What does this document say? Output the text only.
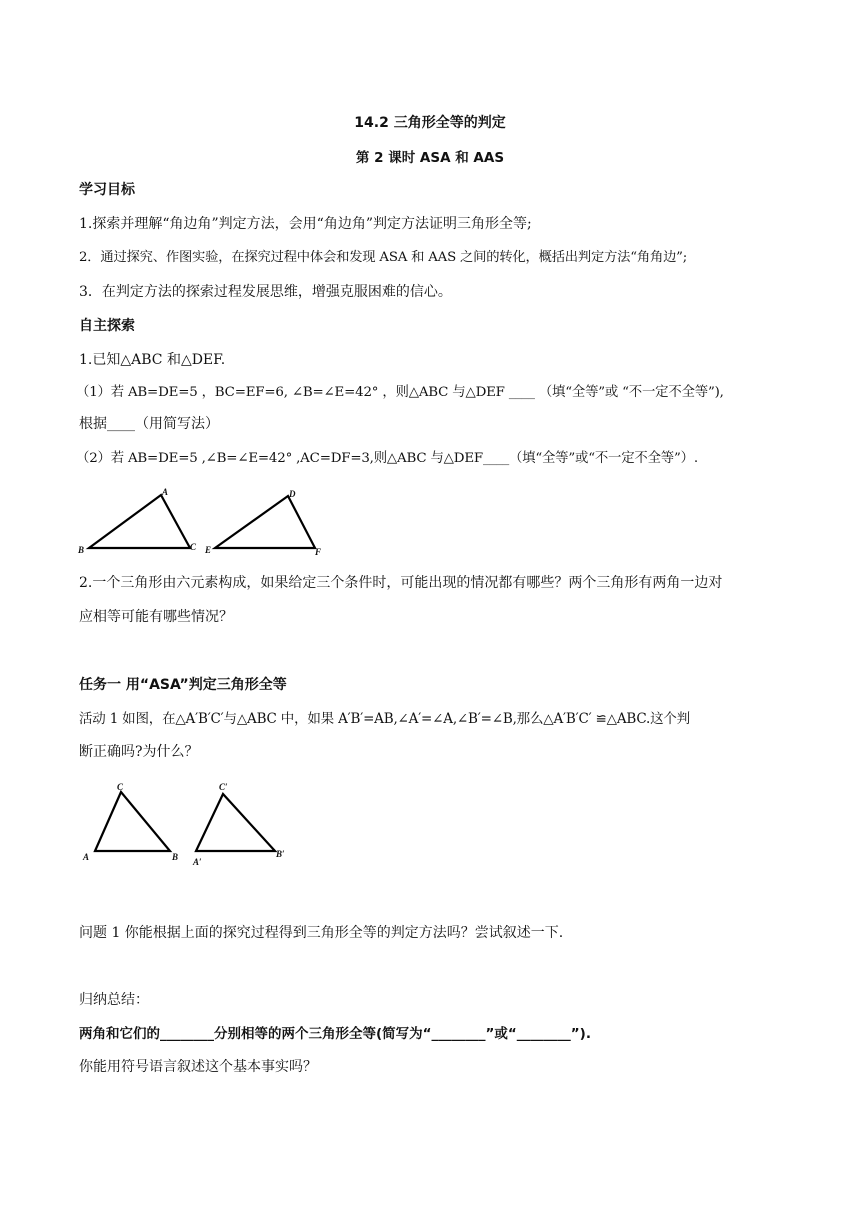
14.2 三角形全等的判定
第 2 课时 ASA 和 AAS
学习目标
1.探索并理解“角边角”判定方法，会用“角边角”判定方法证明三角形全等;
2．通过探究、作图实验，在探究过程中体会和发现 ASA 和 AAS 之间的转化，概括出判定方法“角角边”;
3．在判定方法的探索过程发展思维，增强克服困难的信心。
自主探索
1.已知△ABC 和△DEF.
（1）若 AB=DE=5 ，BC=EF=6, ∠B=∠E=42° ，则△ABC 与△DEF ____ （填“全等”或 “不一定不全等”),
根据____（用简写法）
（2）若 AB=DE=5 ,∠B=∠E=42° ,AC=DF=3,则△ABC 与△DEF____（填“全等”或“不一定不全等”）.
A
B	C
D
E	F
2.一个三角形由六元素构成，如果给定三个条件时，可能出现的情况都有哪些？两个三角形有两角一边对
应相等可能有哪些情况？
任务一 用“ASA”判定三角形全等
活动 1 如图，在△A′B′C′与△ABC 中，如果 A′B′=AB,∠A′=∠A,∠B′=∠B,那么△A′B′C′ ≌△ABC.这个判
断正确吗?为什么？
C
A	B
C′
A′
B′
问题 1 你能根据上面的探究过程得到三角形全等的判定方法吗？尝试叙述一下.
归纳总结：
两角和它们的________分别相等的两个三角形全等(简写为“________”或“________”).
你能用符号语言叙述这个基本事实吗？
